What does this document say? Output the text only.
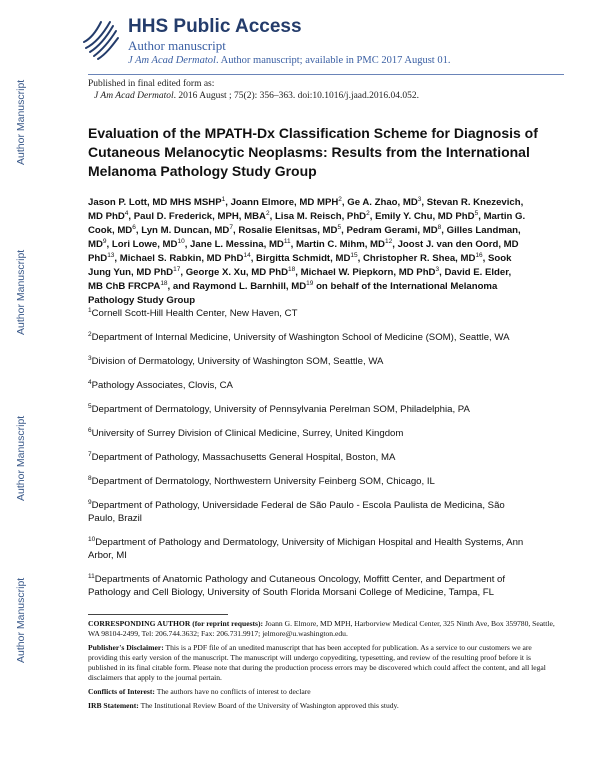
Author Manuscript
Author Manuscript
Author Manuscript
Author Manuscript
HHS Public Access
Author manuscript
J Am Acad Dermatol. Author manuscript; available in PMC 2017 August 01.
Published in final edited form as:
J Am Acad Dermatol. 2016 August ; 75(2): 356–363. doi:10.1016/j.jaad.2016.04.052.
Evaluation of the MPATH-Dx Classification Scheme for Diagnosis of Cutaneous Melanocytic Neoplasms: Results from the International Melanoma Pathology Study Group
Jason P. Lott, MD MHS MSHP$^1$, Joann Elmore, MD MPH$^2$, Ge A. Zhao, $MD^3$, Stevan R. Knezevich, MD PhD$^4$, Paul D. Frederick, MPH, MBA$^2$, Lisa M. Reisch, PhD$^2$, Emily Y. Chu, MD PhD$^5$, Martin G. Cook, $MD^6$, Lyn M. Duncan, $MD^7$, Rosalie Elenitsas, $MD^5$, Pedram Gerami, $MD^8$, Gilles Landman, $MD^9$, Lori Lowe, MD$^{10}$, Jane L. Messina, MD$^{11}$, Martin C. Mihm, MD$^{12}$, Joost J. van den Oord, MD PhD$^{13}$, Michael S. Rabkin, MD PhD$^{14}$, Birgitta Schmidt, MD$^{15}$, Christopher R. Shea, MD$^{16}$, Sook Jung Yun, MD PhD$^{17}$, George X. Xu, MD PhD$^{18}$, Michael W. Piepkorn, MD PhD$^3$, David E. Elder, MB ChB FRCPA$^{18}$, and Raymond L. Barnhill, MD$^{19}$ on behalf of the International Melanoma Pathology Study Group

$^1$Cornell Scott-Hill Health Center, New Haven, CT

$^2$Department of Internal Medicine, University of Washington School of Medicine (SOM), Seattle, WA

$^3$Division of Dermatology, University of Washington SOM, Seattle, WA

$^4$Pathology Associates, Clovis, CA

$^5$Department of Dermatology, University of Pennsylvania Perelman SOM, Philadelphia, PA

$^6$University of Surrey Division of Clinical Medicine, Surrey, United Kingdom

$^7$Department of Pathology, Massachusetts General Hospital, Boston, MA

$^8$Department of Dermatology, Northwestern University Feinberg SOM, Chicago, IL

$^9$Department of Pathology, Universidade Federal de São Paulo - Escola Paulista de Medicina, São Paulo, Brazil

$^{10}$Department of Pathology and Dermatology, University of Michigan Hospital and Health Systems, Ann Arbor, MI

$^{11}$Departments of Anatomic Pathology and Cutaneous Oncology, Moffitt Center, and Department of Pathology and Cell Biology, University of South Florida Morsani College of Medicine, Tampa, FL

CORRESPONDING AUTHOR (for reprint requests): Joann G. Elmore, MD MPH, Harborview Medical Center, 325 Ninth Ave, Box 359780, Seattle, WA 98104-2499, Tel: 206.744.3632; Fax: 206.731.9917; jelmore@u.washington.edu.

Publisher's Disclaimer: This is a PDF file of an unedited manuscript that has been accepted for publication. As a service to our customers we are providing this early version of the manuscript. The manuscript will undergo copyediting, typesetting, and review of the resulting proof before it is published in its final citable form. Please note that during the production process errors may be discovered which could affect the content, and all legal disclaimers that apply to the journal pertain.

Conflicts of Interest: The authors have no conflicts of interest to declare

IRB Statement: The Institutional Review Board of the University of Washington approved this study.
